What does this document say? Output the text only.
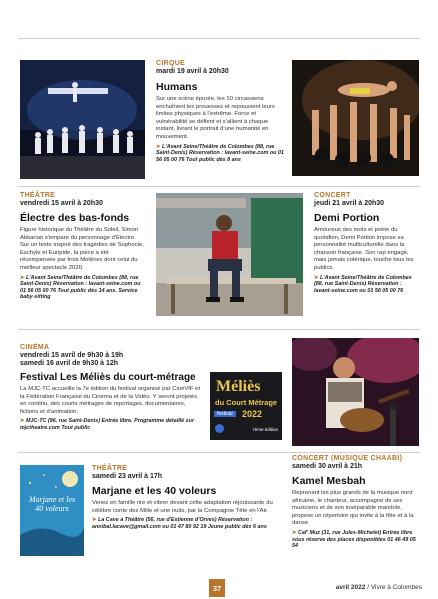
CIRQUE
mardi 19 avril à 20h30
Humans
Sur une scène épurée, les 10 circassiens enchaînent les prouesses et repoussent leurs limites physiques à l'extrême. Force et vulnérabilité se défient et s'allient à chaque instant, livrant le portrait d'une humanité en mouvement.
➤ L'Avant Seine/Théâtre de Colombes (88, rue Saint-Denis) Réservation : lavant-seine.com ou 01 56 05 00 76 Tout public dès 8 ans
THÉÂTRE
vendredi 15 avril à 20h30
Électre des bas-fonds
Figure historique du Théâtre du Soleil, Simon Abkarian s'empare du personnage d'Électre. Sur un texte inspiré des tragédies de Sophocle, Eschyle et Euripide, la pièce a été récompensée par trois Molières dont celui du meilleur spectacle 2020.
➤ L'Avant Seine/Théâtre de Colombes (88, rue Saint-Denis) Réservation : lavant-seine.com ou 01 56 05 00 76 Tout public dès 14 ans. Service baby-sitting
CONCERT
jeudi 21 avril à 20h30
Demi Portion
Amoureux des mots et poète du quotidien, Demi Portion impose sa personnalité multiculturelle dans la chanson française. Son rap engagé, mais jamais colérique, touche tous les publics.
➤ L'Avant Seine/Théâtre de Colombes (88, rue Saint-Denis) Réservation : lavant-seine.com ou 01 56 05 00 76
CINÉMA
vendredi 15 avril de 9h30 à 19h
samedi 16 avril de 9h30 à 12h
Festival Les Méliès du court-métrage
La MJC-TC accueille la 7e édition du festival organisé par CinéVIF et la Fédération Française du Cinéma et de la Vidéo. Y seront projetés en continu, des courts métrages de reportages, documentaires, fictions et d'animation.
➤ MJC-TC (96, rue Saint-Denis) Entrée libre. Programme détaillé sur mjctheatre.com Tout public
Méliès
du Court Métrage
festival	2022
7ème édition
Marjane et les 40 voleurs
THÉÂTRE
samedi 23 avril à 17h
Marjane et les 40 voleurs
Venez en famille rire et vibrer devant cette adaptation réjouissante du célèbre conte des Mille et une nuits, par la Compagnie Tête en l'Air.
➤ La Cave à Théâtre (56, rue d'Estienne d'Orves) Réservation : annibal.lacave@gmail.com ou 01 47 80 92 19 Jeune public dès 6 ans
CONCERT (MUSIQUE CHAABI)
samedi 30 avril à 21h
Kamel Mesbah
Reprenant les plus grands de la musique nord africaine, le chanteur, accompagné de ses musiciens et de son inséparable mandole, propose un répertoire qui invite à la fête et à la danse.
➤ Caf' Muz (31, rue Jules-Michelet) Entrée libre sous réserve des places disponibles 01 46 49 05 54
37	avril 2022 / Vivre à Colombes
